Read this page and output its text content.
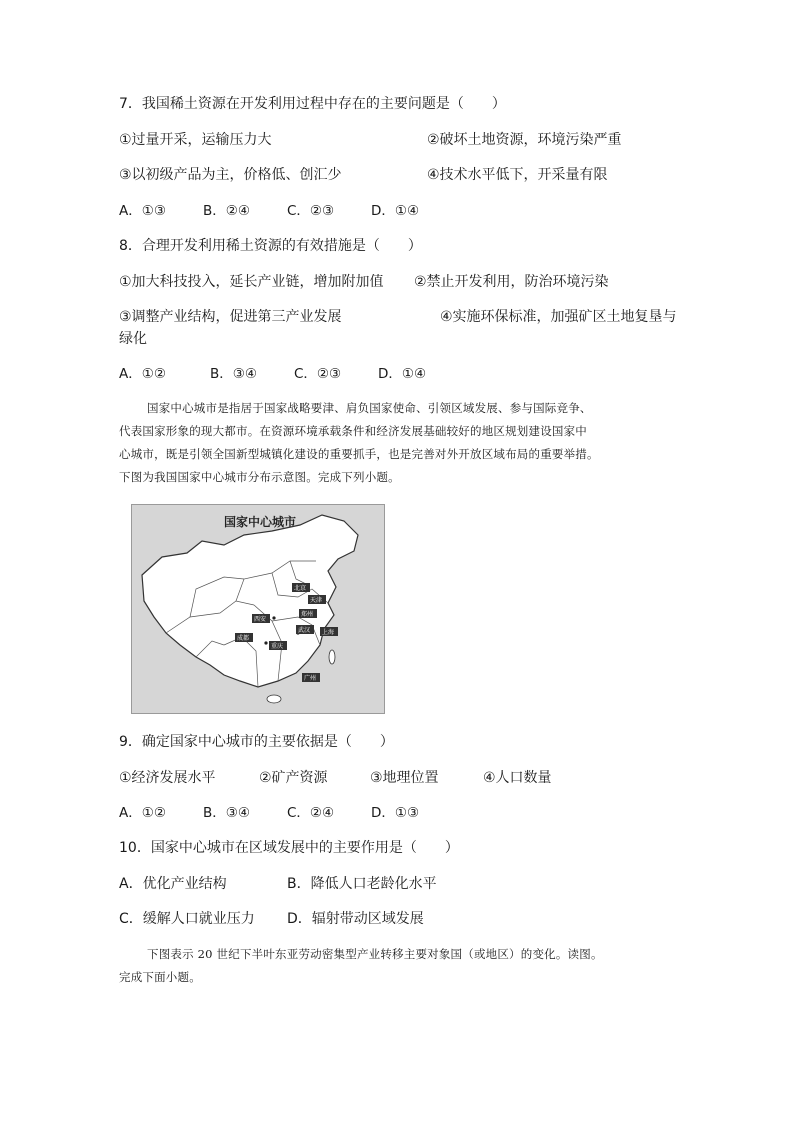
7．我国稀土资源在开发利用过程中存在的主要问题是（　　）
①过量开采，运输压力大	②破坏土地资源，环境污染严重
③以初级产品为主，价格低、创汇少	④技术水平低下，开采量有限
A．①③	B．②④	C．②③	D．①④
8．合理开发利用稀土资源的有效措施是（　　）
①加大科技投入，延长产业链，增加附加值 ②禁止开发利用，防治环境污染
③调整产业结构，促进第三产业发展	④实施环保标准，加强矿区土地复垦与
绿化
A．①②	B．③④	C．②③	D．①④
国家中心城市是指居于国家战略要津、肩负国家使命、引领区域发展、参与国际竞争、
代表国家形象的现大都市。在资源环境承载条件和经济发展基础较好的地区规划建设国家中
心城市，既是引领全国新型城镇化建设的重要抓手，也是完善对外开放区域布局的重要举措。
下图为我国国家中心城市分布示意图。完成下列小题。
国家中心城市
北京
天津
郑州
西安
成都
重庆
武汉 上海
广州
9．确定国家中心城市的主要依据是（　　）
①经济发展水平	②矿产资源	③地理位置	④人口数量
A．①②	B．③④	C．②④	D．①③
10．国家中心城市在区域发展中的主要作用是（　　）
A．优化产业结构	B．降低人口老龄化水平
C．缓解人口就业压力 D．辐射带动区域发展
下图表示 20 世纪下半叶东亚劳动密集型产业转移主要对象国（或地区）的变化。读图。
完成下面小题。
